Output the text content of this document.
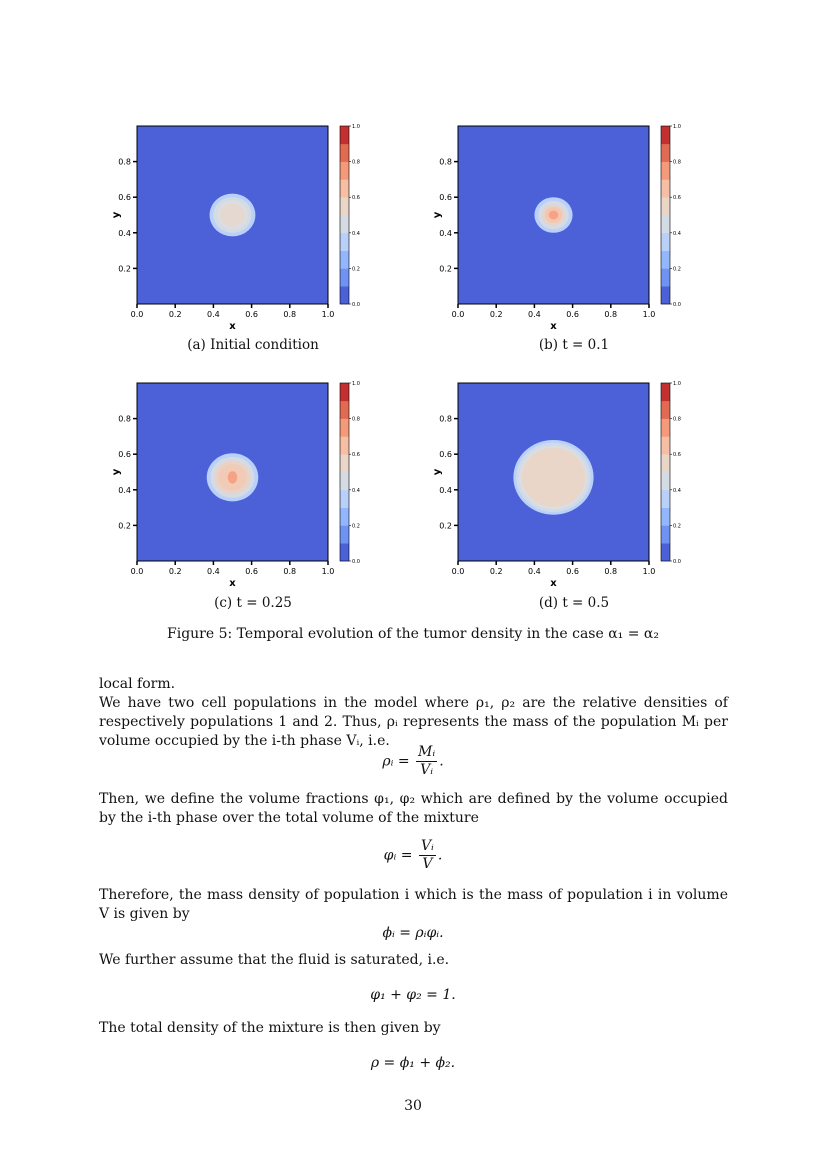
0.0	0.2	0.4	0.6	0.8	1.0
0.2
0.4
0.6
0.8
x
y
0.0
0.2
0.4
0.6
0.8
1.0
(a) Initial condition
0.0	0.2	0.4	0.6	0.8	1.0
0.2
0.4
0.6
0.8
x
y
0.0
0.2
0.4
0.6
0.8
1.0
(b) t = 0.1
0.0	0.2	0.4	0.6	0.8	1.0
0.2
0.4
0.6
0.8
x
y
0.0
0.2
0.4
0.6
0.8
1.0
(c) t = 0.25
0.0	0.2	0.4	0.6	0.8	1.0
0.2
0.4
0.6
0.8
x
y
0.0
0.2
0.4
0.6
0.8
1.0
(d) t = 0.5
Figure 5: Temporal evolution of the tumor density in the case α₁ = α₂
local form.
We have two cell populations in the model where ρ₁, ρ₂ are the relative densities of respectively populations 1 and 2. Thus, ρᵢ represents the mass of the population Mᵢ per volume occupied by the i-th phase Vᵢ, i.e.
ρᵢ = $\frac{\text{Mᵢ}}{\text{Vᵢ}}$ .
Then, we define the volume fractions φ₁, φ₂ which are defined by the volume occupied by the i-th phase over the total volume of the mixture
φᵢ = $\frac{\text{Vᵢ}}{V}$ .
Therefore, the mass density of population i which is the mass of population i in volume V is given by
ϕᵢ = ρᵢφᵢ.
We further assume that the fluid is saturated, i.e.
φ₁ + φ₂ = 1.
The total density of the mixture is then given by
ρ = ϕ₁ + ϕ₂.
30
